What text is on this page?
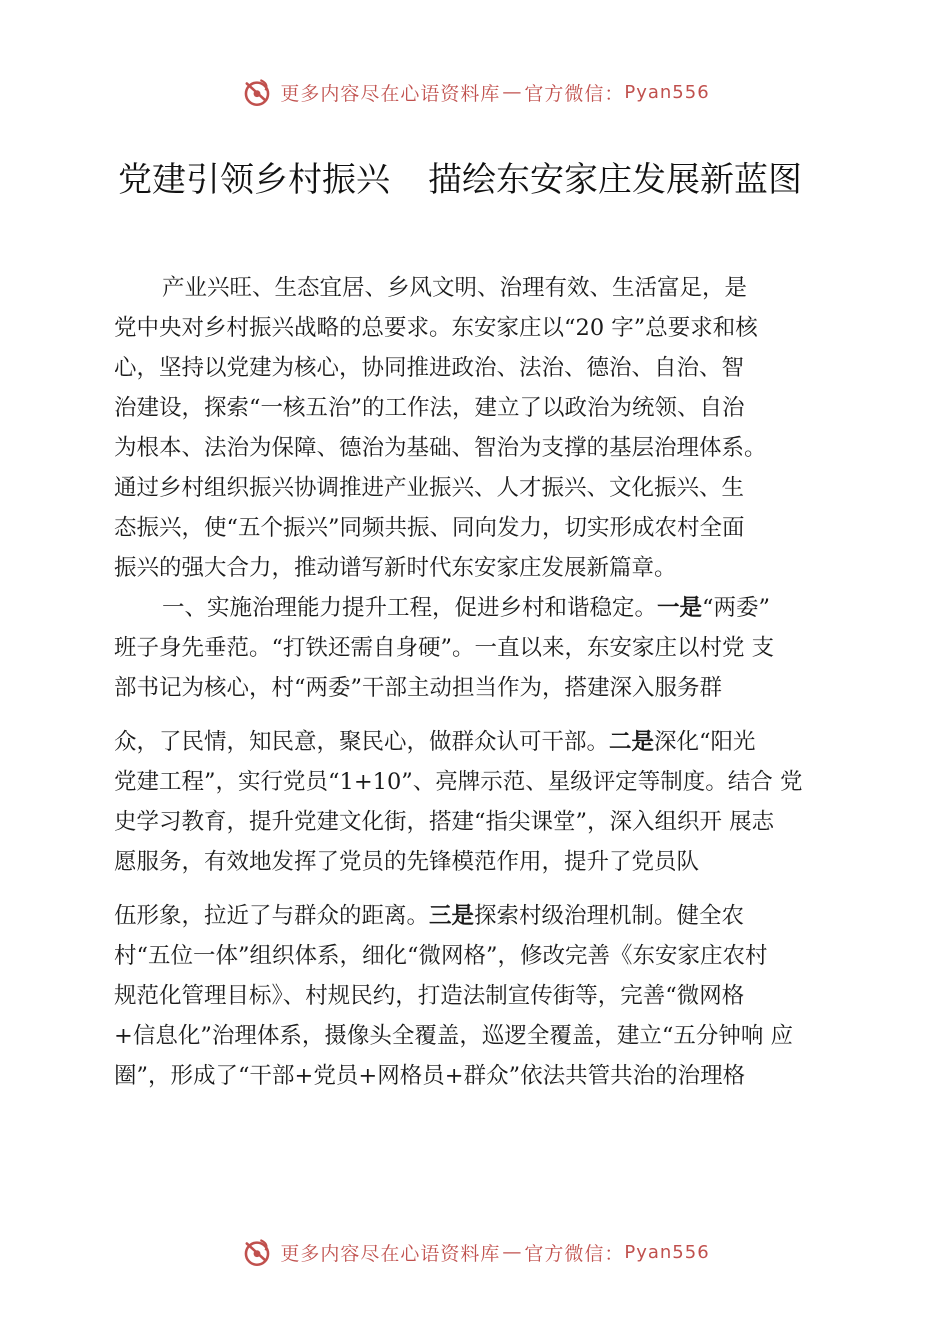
更多内容尽在心语资料库 — 官方微信： Pyan556
党建引领乡村振兴 描绘东安家庄发展新蓝图

产业兴旺、生态宜居、乡风文明、治理有效、生活富足，是
党中央对乡村振兴战略的总要求。东安家庄以“20 字”总要求和核
心，坚持以党建为核心，协同推进政治、法治、德治、自治、智
治建设，探索“一核五治”的工作法，建立了以政治为统领、自治
为根本、法治为保障、德治为基础、智治为支撑的基层治理体系。
通过乡村组织振兴协调推进产业振兴、人才振兴、文化振兴、生
态振兴，使“五个振兴”同频共振、同向发力，切实形成农村全面
振兴的强大合力，推动谱写新时代东安家庄发展新篇章。

一、实施治理能力提升工程，促进乡村和谐稳定。一是“两委”
班子身先垂范。“打铁还需自身硬”。一直以来，东安家庄以村党 支
部书记为核心，村“两委”干部主动担当作为，搭建深入服务群
众，了民情，知民意，聚民心，做群众认可干部。二是深化“阳光
党建工程”，实行党员“1+10”、亮牌示范、星级评定等制度。结合 党
史学习教育，提升党建文化街，搭建“指尖课堂”，深入组织开 展志
愿服务，有效地发挥了党员的先锋模范作用，提升了党员队
伍形象，拉近了与群众的距离。三是探索村级治理机制。健全农
村“五位一体”组织体系，细化“微网格”，修改完善《东安家庄农村
规范化管理目标》、村规民约，打造法制宣传街等，完善“微网格
+信息化”治理体系，摄像头全覆盖，巡逻全覆盖，建立“五分钟响 应
圈”，形成了“干部+党员+网格员+群众”依法共管共治的治理格

更多内容尽在心语资料库 — 官方微信： Pyan556
